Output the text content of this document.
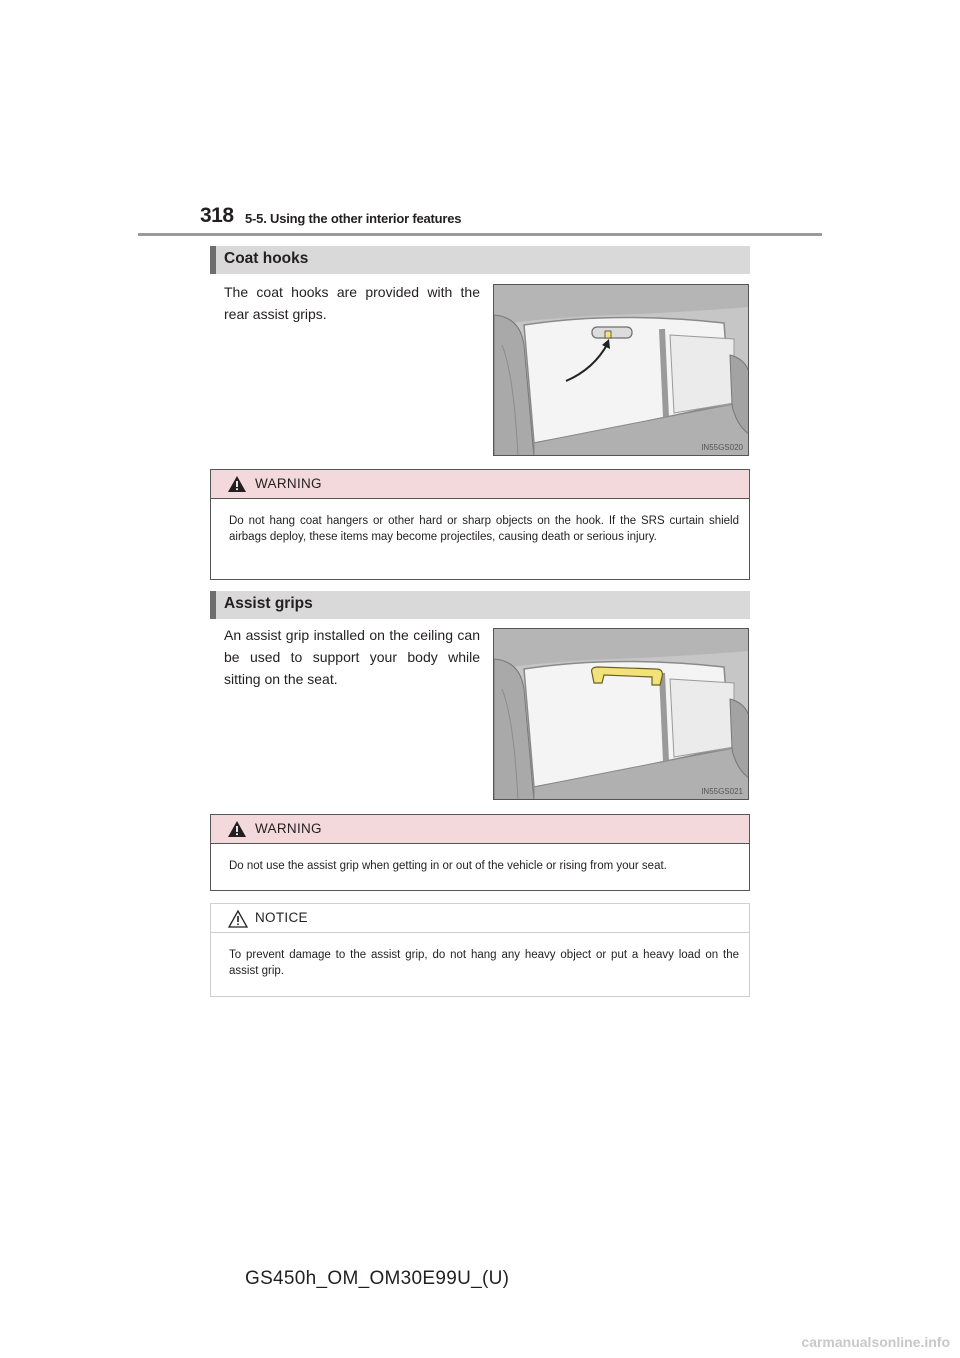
318 5-5. Using the other interior features
Coat hooks
The coat hooks are provided with the rear assist grips.
IN55GS020
WARNING
Do not hang coat hangers or other hard or sharp objects on the hook. If the SRS curtain shield airbags deploy, these items may become projectiles, causing death or serious injury.
Assist grips
An assist grip installed on the ceiling can be used to support your body while sitting on the seat.
IN55GS021
WARNING
Do not use the assist grip when getting in or out of the vehicle or rising from your seat.
NOTICE
To prevent damage to the assist grip, do not hang any heavy object or put a heavy load on the assist grip.
GS450h_OM_OM30E99U_(U)
carmanualsonline.info
